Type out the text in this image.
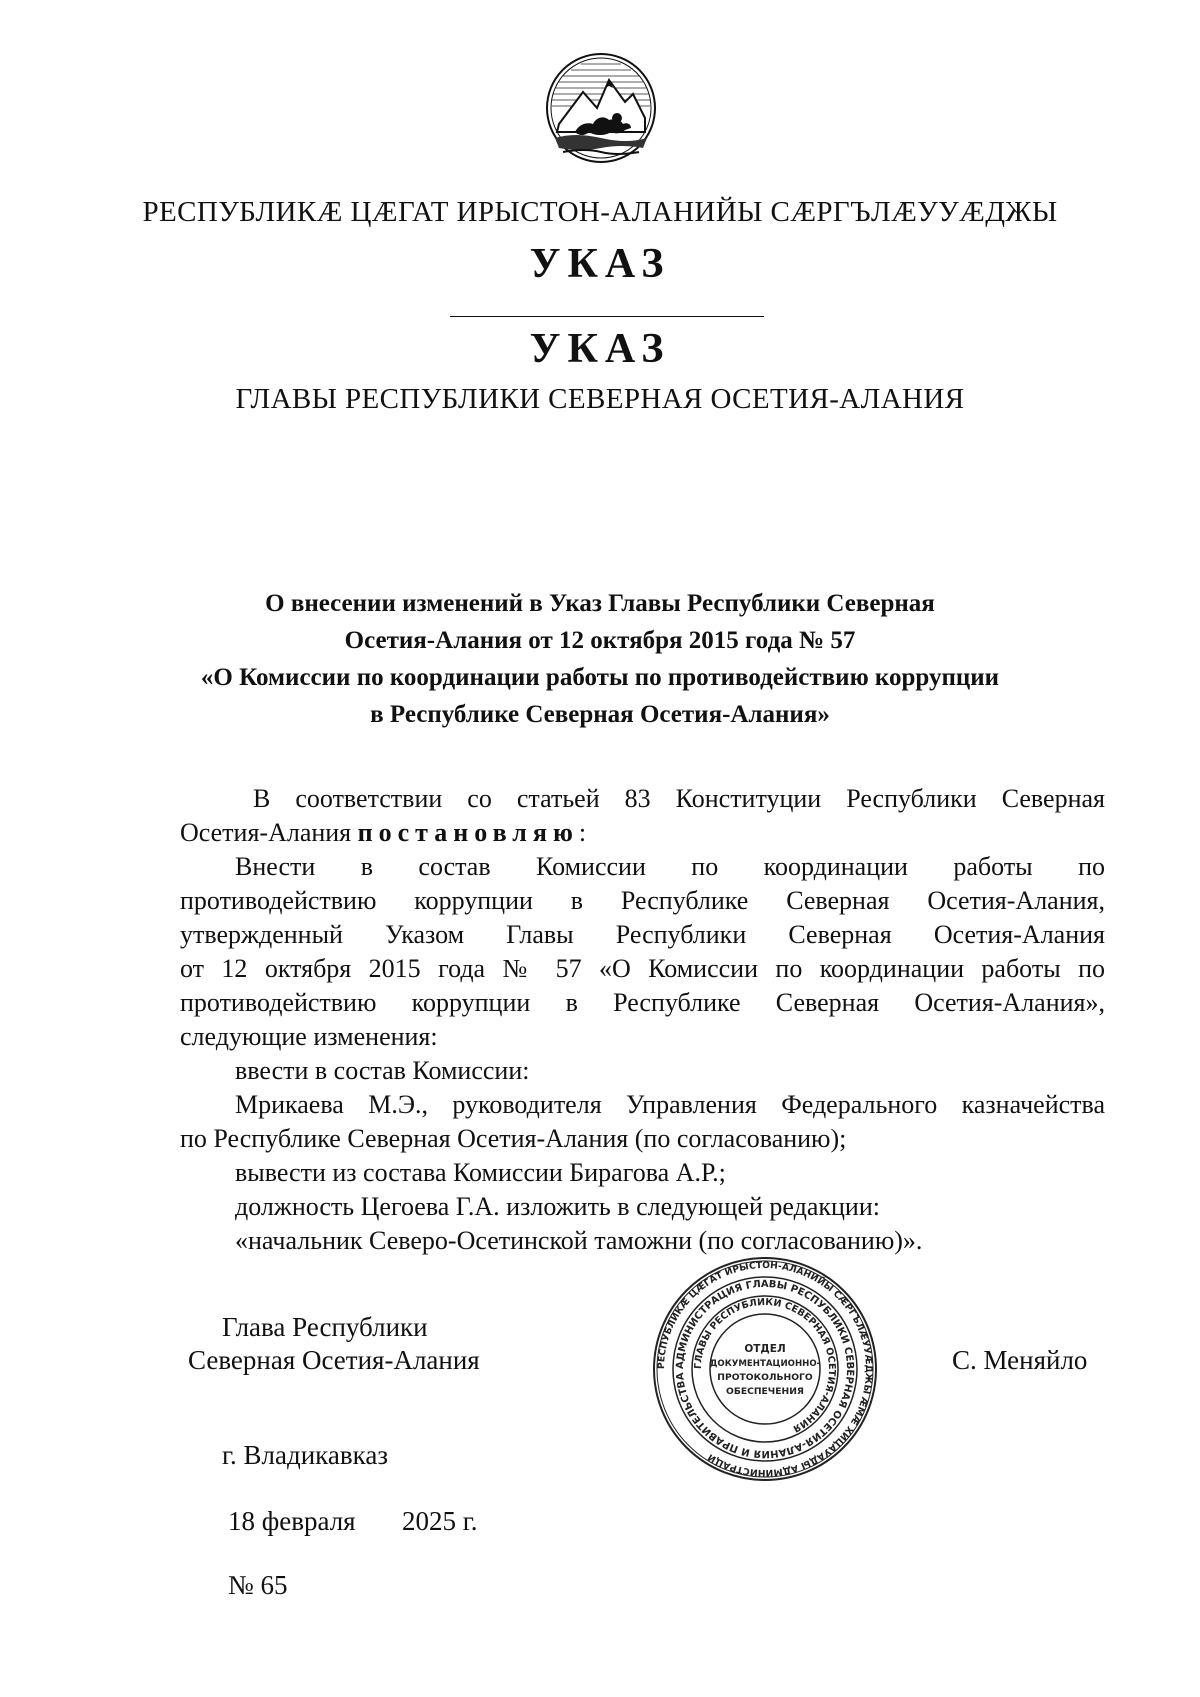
РЕСПУБЛИКӔ ЦӔГАТ ИРЫСТОН-АЛАНИЙЫ СӔРГЪЛӔУУӔДЖЫ
УКАЗ
УКАЗ
ГЛАВЫ РЕСПУБЛИКИ СЕВЕРНАЯ ОСЕТИЯ-АЛАНИЯ
О внесении изменений в Указ Главы Республики Северная
Осетия-Алания от 12 октября 2015 года № 57
«О Комиссии по координации работы по противодействию коррупции
в Республике Северная Осетия-Алания»
В соответствии со статьей 83 Конституции Республики Северная
Осетия-Алания постановляю:
Внести в состав Комиссии по координации работы по
противодействию коррупции в Республике Северная Осетия-Алания,
утвержденный Указом Главы Республики Северная Осетия-Алания
от 12 октября 2015 года № 57 «О Комиссии по координации работы по
противодействию коррупции в Республике Северная Осетия-Алания»,
следующие изменения:
ввести в состав Комиссии:
Мрикаева М.Э., руководителя Управления Федерального казначейства
по Республике Северная Осетия-Алания (по согласованию);
вывести из состава Комиссии Бирагова А.Р.;
должность Цегоева Г.А. изложить в следующей редакции:
«начальник Северо-Осетинской таможни (по согласованию)».
Глава Республики
Северная Осетия-Алания	С. Меняйло
РЕСПУБЛИКӔ ЦӔГАТ ИРЫСТОН-АЛАНИЙЫ СӔРГЪЛӔУУӔДЖЫ ӔМӔ ХИЦАУАДЫ АДМИНИСТРАЦИ
АДМИНИСТРАЦИЯ ГЛАВЫ РЕСПУБЛИКИ СЕВЕРНАЯ ОСЕТИЯ-АЛАНИЯ И ПРАВИТЕЛЬСТВА
ГЛАВЫ РЕСПУБЛИКИ СЕВЕРНАЯ ОСЕТИЯ-АЛАНИЯ
ОТДЕЛ
ДОКУМЕНТАЦИОННО-
ПРОТОКОЛЬНОГО
ОБЕСПЕЧЕНИЯ
г. Владикавказ
18 февраля 2025 г.
№ 65
